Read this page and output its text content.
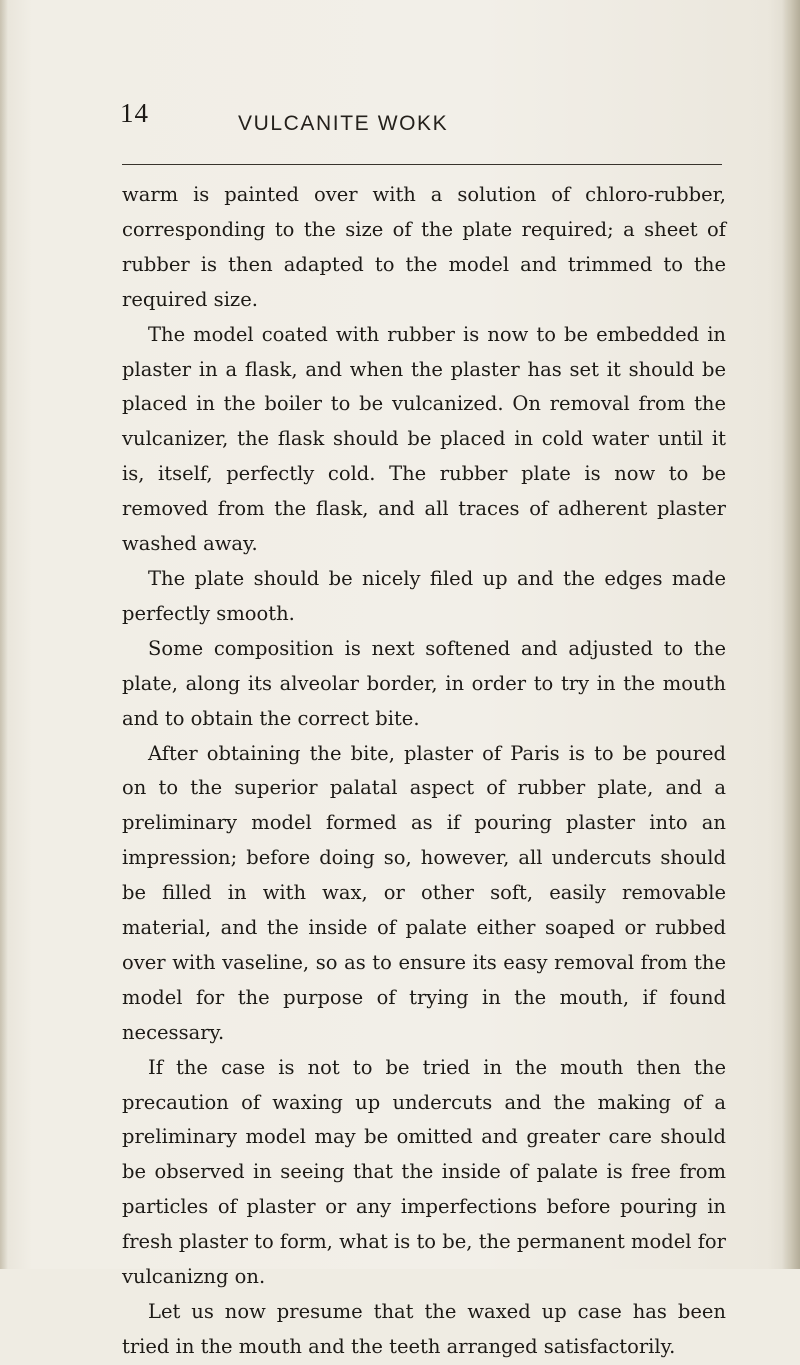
14	VULCANITE WOKK

warm is painted over with a solution of chloro-rubber, corresponding to the size of the plate required; a sheet of rubber is then adapted to the model and trimmed to the required size.

The model coated with rubber is now to be embedded in plaster in a flask, and when the plaster has set it should be placed in the boiler to be vulcanized. On removal from the vulcanizer, the flask should be placed in cold water until it is, itself, perfectly cold. The rubber plate is now to be removed from the flask, and all traces of adherent plaster washed away.

The plate should be nicely filed up and the edges made perfectly smooth.

Some composition is next softened and adjusted to the plate, along its alveolar border, in order to try in the mouth and to obtain the correct bite.

After obtaining the bite, plaster of Paris is to be poured on to the superior palatal aspect of rubber plate, and a preliminary model formed as if pouring plaster into an impression; before doing so, however, all undercuts should be filled in with wax, or other soft, easily removable material, and the inside of palate either soaped or rubbed over with vaseline, so as to ensure its easy removal from the model for the purpose of trying in the mouth, if found necessary.

If the case is not to be tried in the mouth then the precaution of waxing up undercuts and the making of a preliminary model may be omitted and greater care should be observed in seeing that the inside of palate is free from particles of plaster or any imperfections before pouring in fresh plaster to form, what is to be, the permanent model for vulcanizng on.

Let us now presume that the waxed up case has been tried in the mouth and the teeth arranged satisfactorily.
